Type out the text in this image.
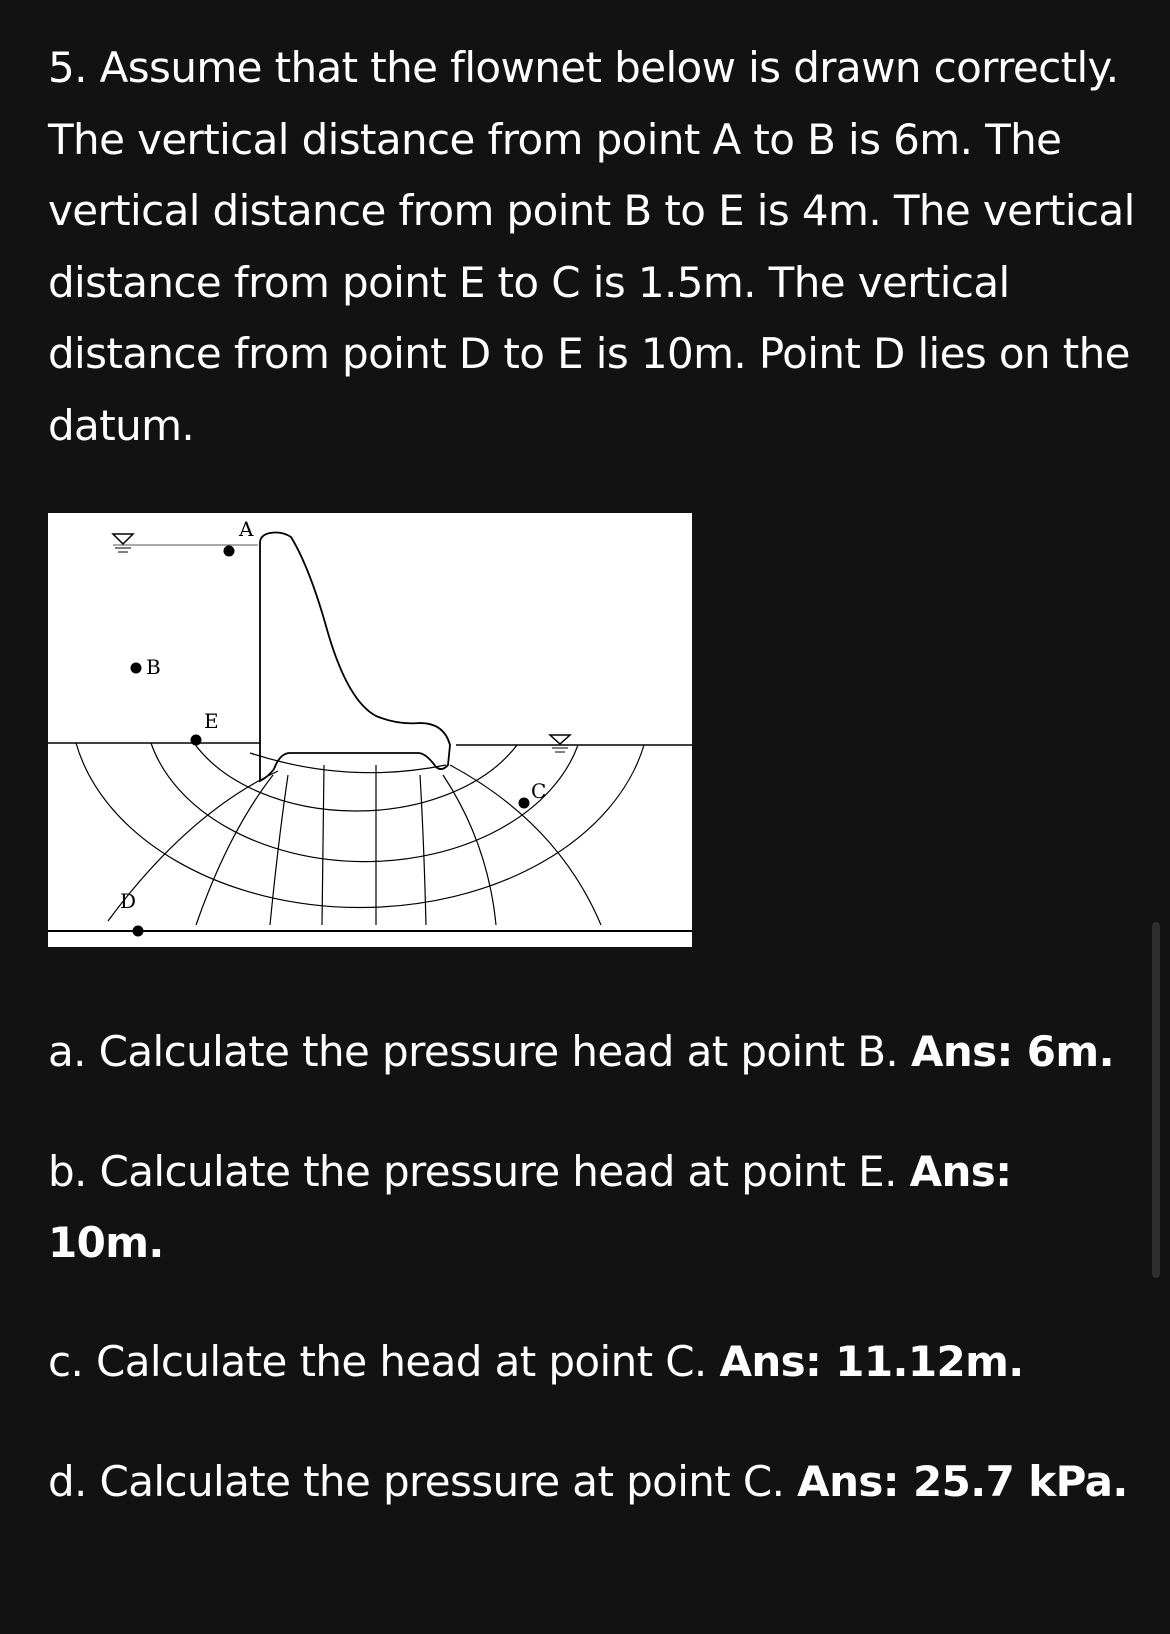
5. Assume that the flownet below is drawn correctly. The vertical distance from point A to B is 6m. The vertical distance from point B to E is 4m. The vertical distance from point E to C is 1.5m. The vertical distance from point D to E is 10m. Point D lies on the datum.

A
B
E
C
D

a. Calculate the pressure head at point B. Ans: 6m.

b. Calculate the pressure head at point E. Ans: 10m.

c. Calculate the head at point C. Ans: 11.12m.

d. Calculate the pressure at point C. Ans: 25.7 kPa.
